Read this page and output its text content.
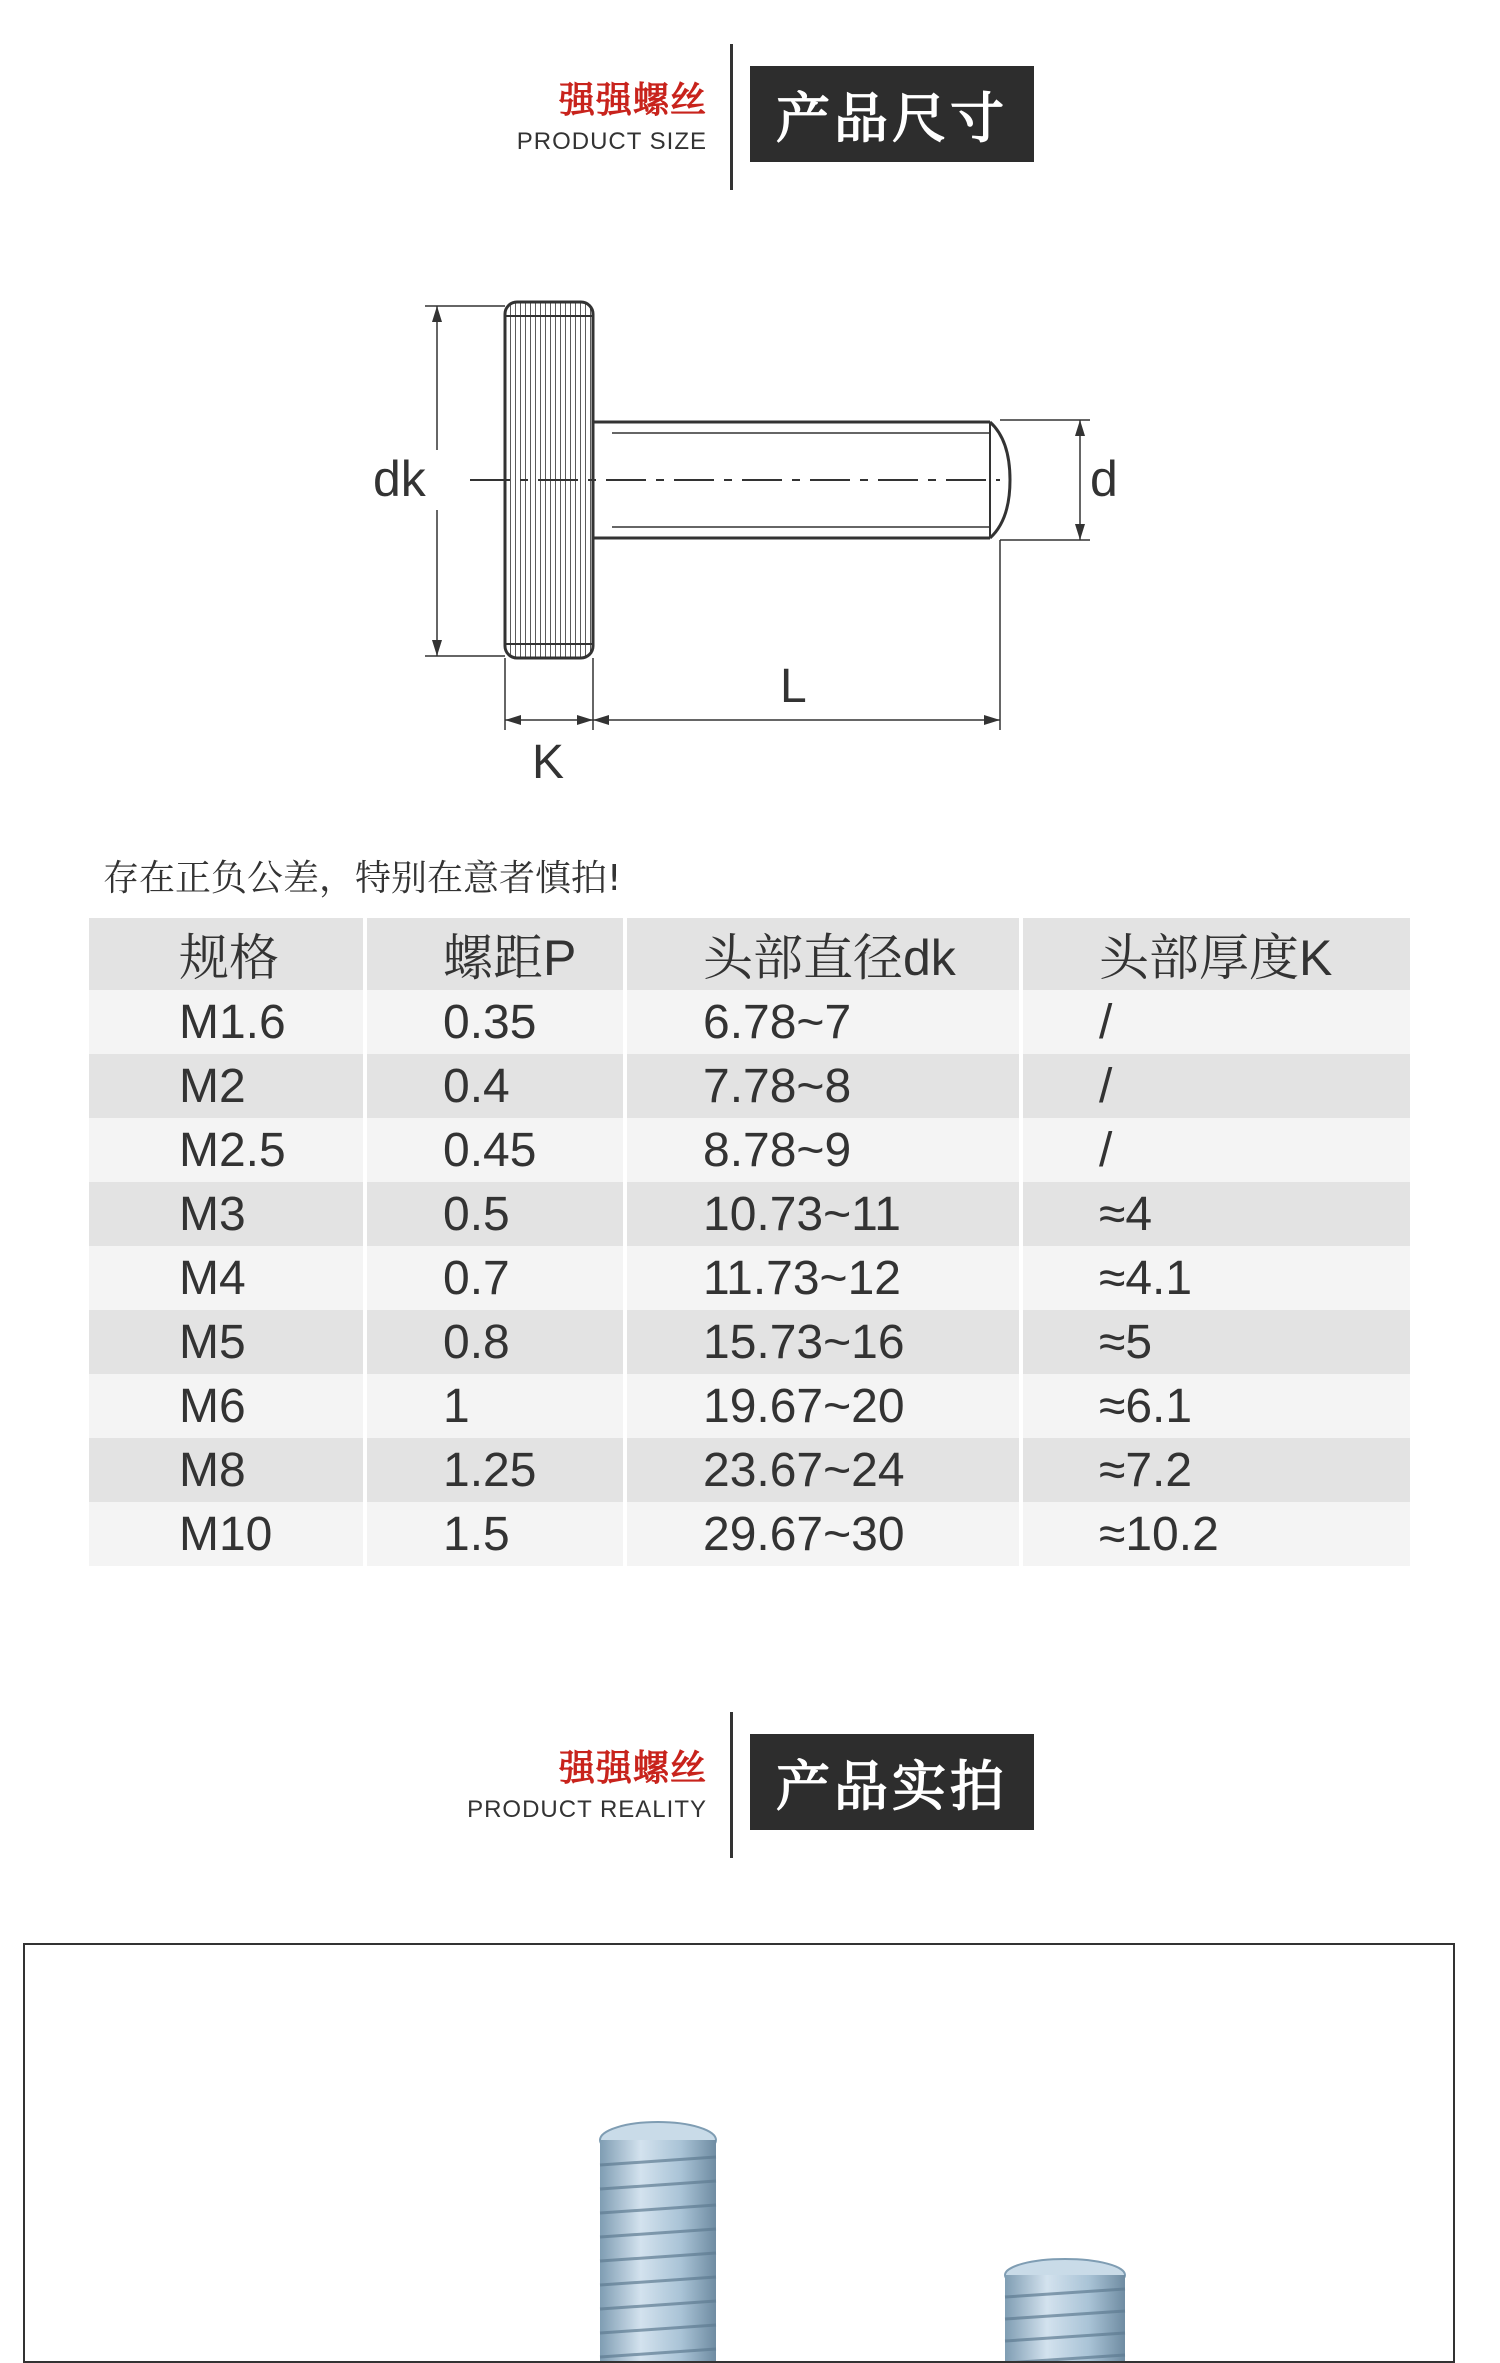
强强螺丝
PRODUCT SIZE	产品尺寸
dk	d
K
L
存在正负公差，特别在意者慎拍!
规格	螺距P	头部直径dk	头部厚度K
M1.6	0.35	6.78~7	/
M2	0.4	7.78~8	/
M2.5	0.45	8.78~9	/
M3	0.5	10.73~11	≈4
M4	0.7	11.73~12	≈4.1
M5	0.8	15.73~16	≈5
M6	1	19.67~20	≈6.1
M8	1.25	23.67~24	≈7.2
M10	1.5	29.67~30	≈10.2
强强螺丝
PRODUCT REALITY	产品实拍
